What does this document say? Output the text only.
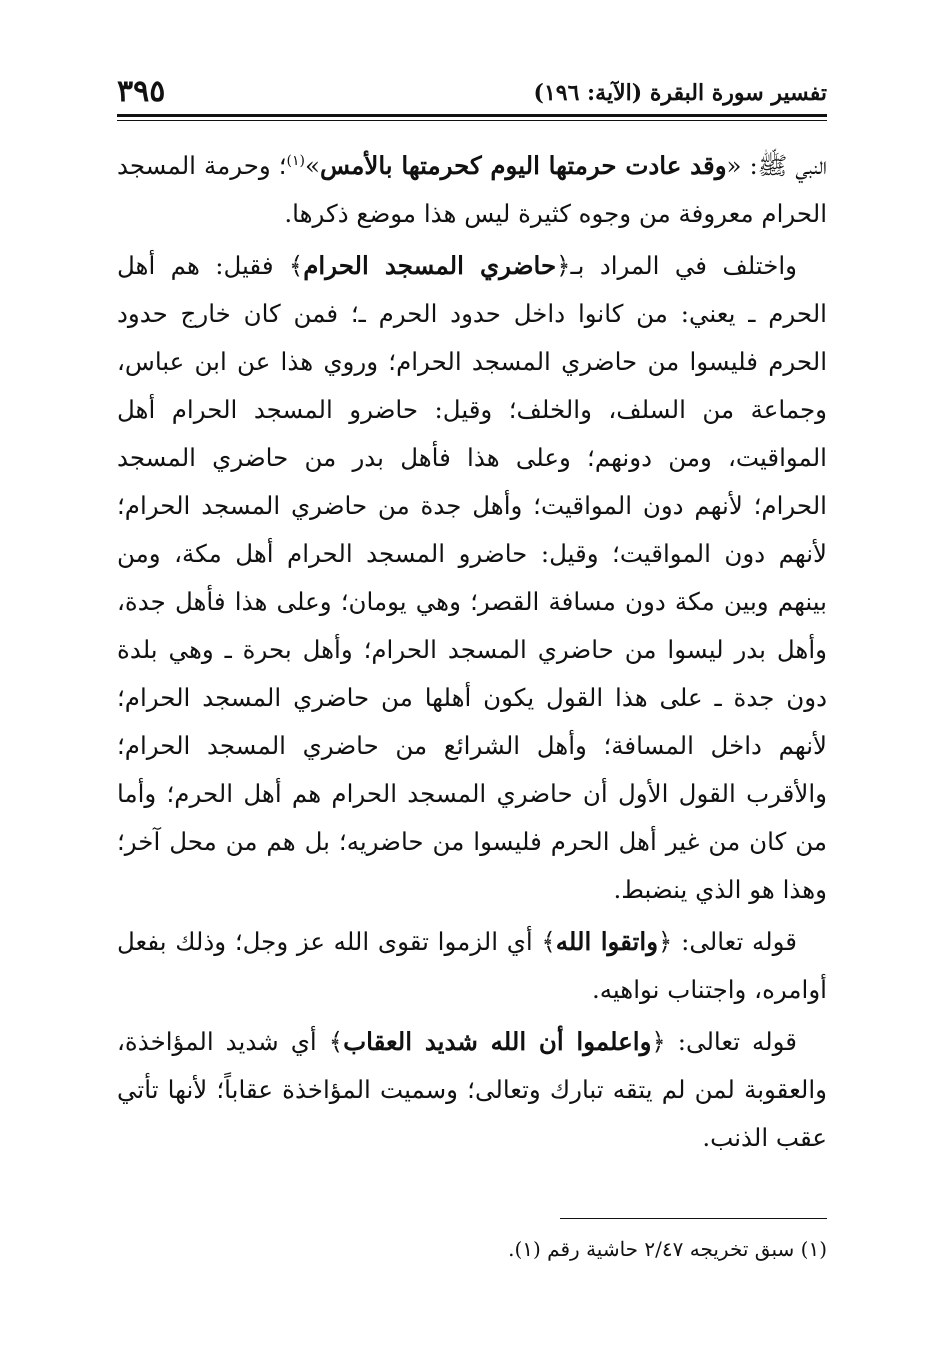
تفسير سورة البقرة (الآية: ١٩٦)
٣٩٥

النبي ﷺ: «وقد عادت حرمتها اليوم كحرمتها بالأمس»$^{(١)}$؛ وحرمة المسجد الحرام معروفة من وجوه كثيرة ليس هذا موضع ذكرها.

واختلف في المراد بـ﴿حاضري المسجد الحرام﴾ فقيل: هم أهل الحرم ـ يعني: من كانوا داخل حدود الحرم ـ؛ فمن كان خارج حدود الحرم فليسوا من حاضري المسجد الحرام؛ وروي هذا عن ابن عباس، وجماعة من السلف، والخلف؛ وقيل: حاضرو المسجد الحرام أهل المواقيت، ومن دونهم؛ وعلى هذا فأهل بدر من حاضري المسجد الحرام؛ لأنهم دون المواقيت؛ وأهل جدة من حاضري المسجد الحرام؛ لأنهم دون المواقيت؛ وقيل: حاضرو المسجد الحرام أهل مكة، ومن بينهم وبين مكة دون مسافة القصر؛ وهي يومان؛ وعلى هذا فأهل جدة، وأهل بدر ليسوا من حاضري المسجد الحرام؛ وأهل بحرة ـ وهي بلدة دون جدة ـ على هذا القول يكون أهلها من حاضري المسجد الحرام؛ لأنهم داخل المسافة؛ وأهل الشرائع من حاضري المسجد الحرام؛ والأقرب القول الأول أن حاضري المسجد الحرام هم أهل الحرم؛ وأما من كان من غير أهل الحرم فليسوا من حاضريه؛ بل هم من محل آخر؛ وهذا هو الذي ينضبط.

قوله تعالى: ﴿واتقوا الله﴾ أي الزموا تقوى الله عز وجل؛ وذلك بفعل أوامره، واجتناب نواهيه.

قوله تعالى: ﴿واعلموا أن الله شديد العقاب﴾ أي شديد المؤاخذة، والعقوبة لمن لم يتقه تبارك وتعالى؛ وسميت المؤاخذة عقاباً؛ لأنها تأتي عقب الذنب.

(١) سبق تخريجه ٢/٤٧ حاشية رقم (١).
